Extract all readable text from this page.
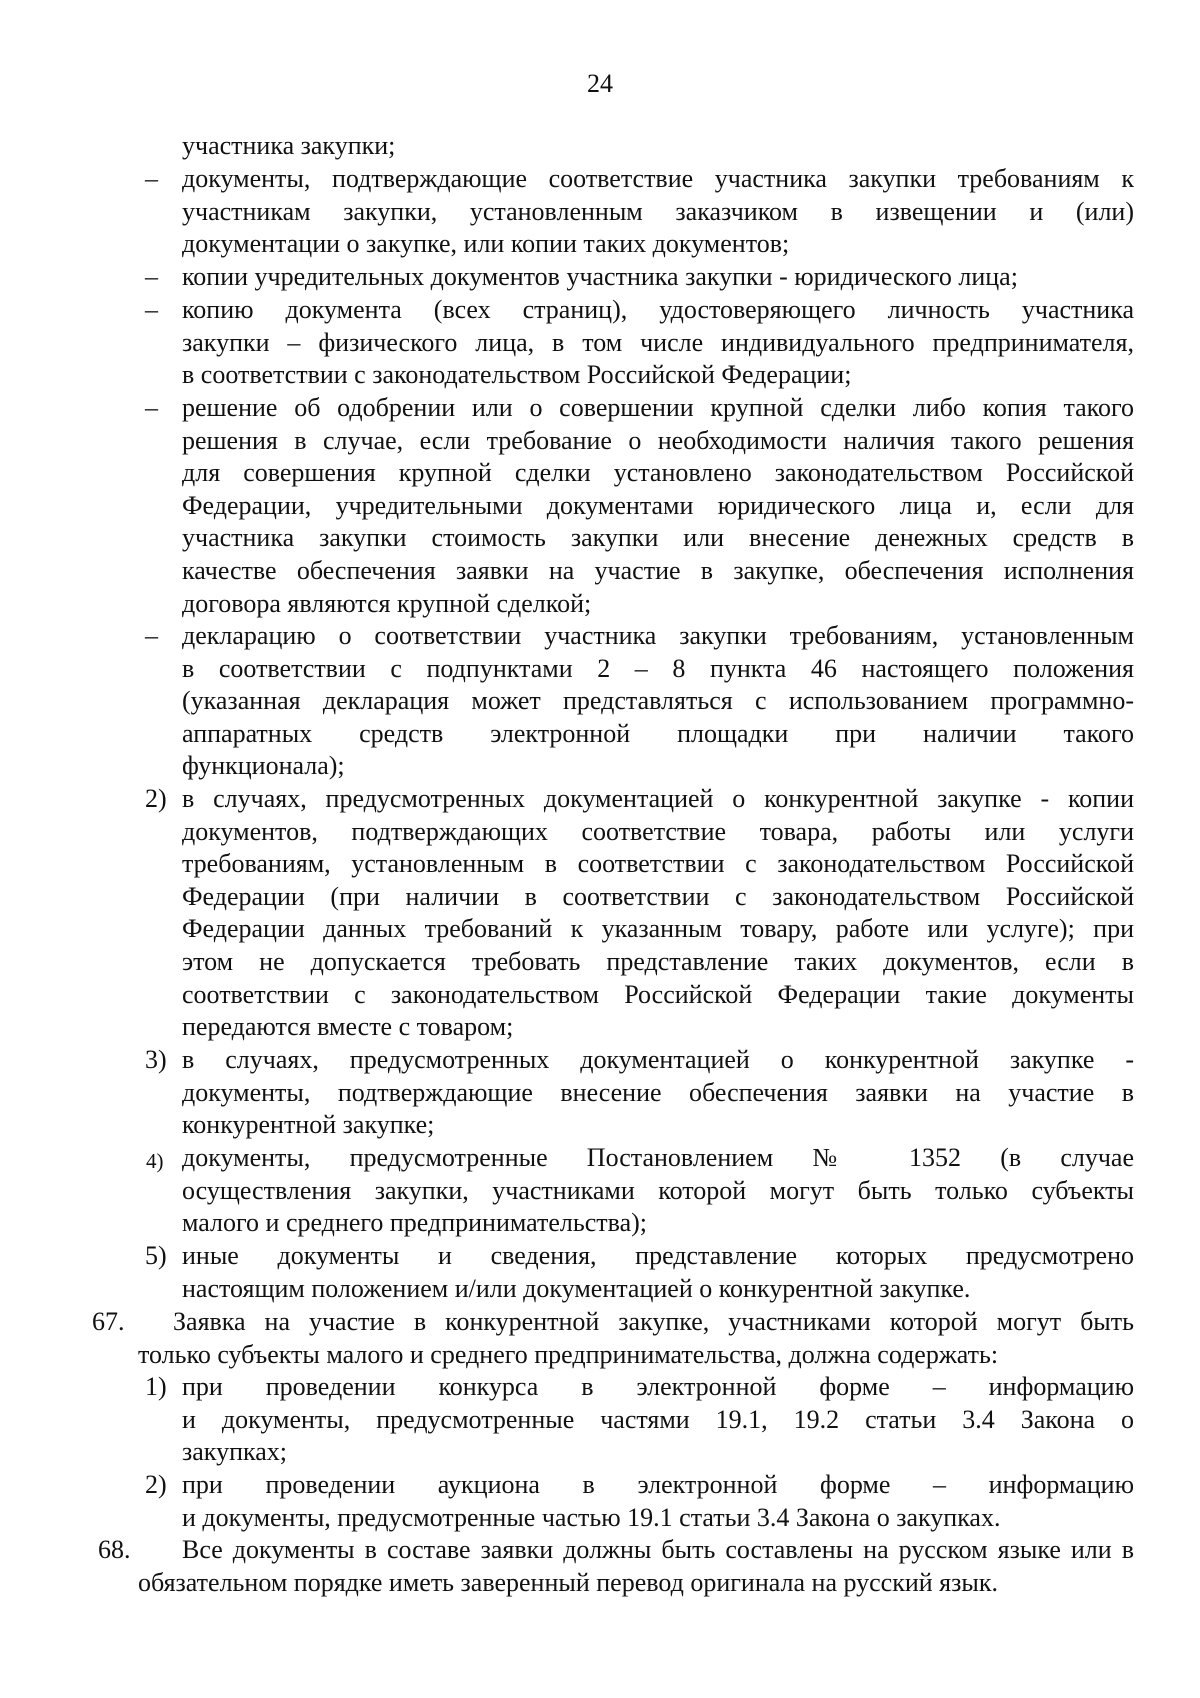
24
участника закупки;
– документы, подтверждающие соответствие участника закупки требованиям к
участникам закупки, установленным заказчиком в извещении и (или)
документации о закупке, или копии таких документов;
– копии учредительных документов участника закупки - юридического лица;
– копию документа (всех страниц), удостоверяющего личность участника
закупки – физического лица, в том числе индивидуального предпринимателя,
в соответствии с законодательством Российской Федерации;
– решение об одобрении или о совершении крупной сделки либо копия такого
решения в случае, если требование о необходимости наличия такого решения
для совершения крупной сделки установлено законодательством Российской
Федерации, учредительными документами юридического лица и, если для
участника закупки стоимость закупки или внесение денежных средств в
качестве обеспечения заявки на участие в закупке, обеспечения исполнения
договора являются крупной сделкой;
– декларацию о соответствии участника закупки требованиям, установленным
в соответствии с подпунктами 2 – 8 пункта 46 настоящего положения
(указанная декларация может представляться с использованием программно-
аппаратных средств электронной площадки при наличии такого
функционала);
2) в случаях, предусмотренных документацией о конкурентной закупке - копии
документов, подтверждающих соответствие товара, работы или услуги
требованиям, установленным в соответствии с законодательством Российской
Федерации (при наличии в соответствии с законодательством Российской
Федерации данных требований к указанным товару, работе или услуге); при
этом не допускается требовать представление таких документов, если в
соответствии с законодательством Российской Федерации такие документы
передаются вместе с товаром;
3) в случаях, предусмотренных документацией о конкурентной закупке -
документы, подтверждающие внесение обеспечения заявки на участие в
конкурентной закупке;
4) документы, предусмотренные Постановлением № 1352 (в случае
осуществления закупки, участниками которой могут быть только субъекты
малого и среднего предпринимательства);
5) иные документы и сведения, представление которых предусмотрено
настоящим положением и/или документацией о конкурентной закупке.
67. Заявка на участие в конкурентной закупке, участниками которой могут быть
только субъекты малого и среднего предпринимательства, должна содержать:
1) при проведении конкурса в электронной форме – информацию
и документы, предусмотренные частями 19.1, 19.2 статьи 3.4 Закона о
закупках;
2) при проведении аукциона в электронной форме – информацию
и документы, предусмотренные частью 19.1 статьи 3.4 Закона о закупках.
68. Все документы в составе заявки должны быть составлены на русском языке или в
обязательном порядке иметь заверенный перевод оригинала на русский язык.
